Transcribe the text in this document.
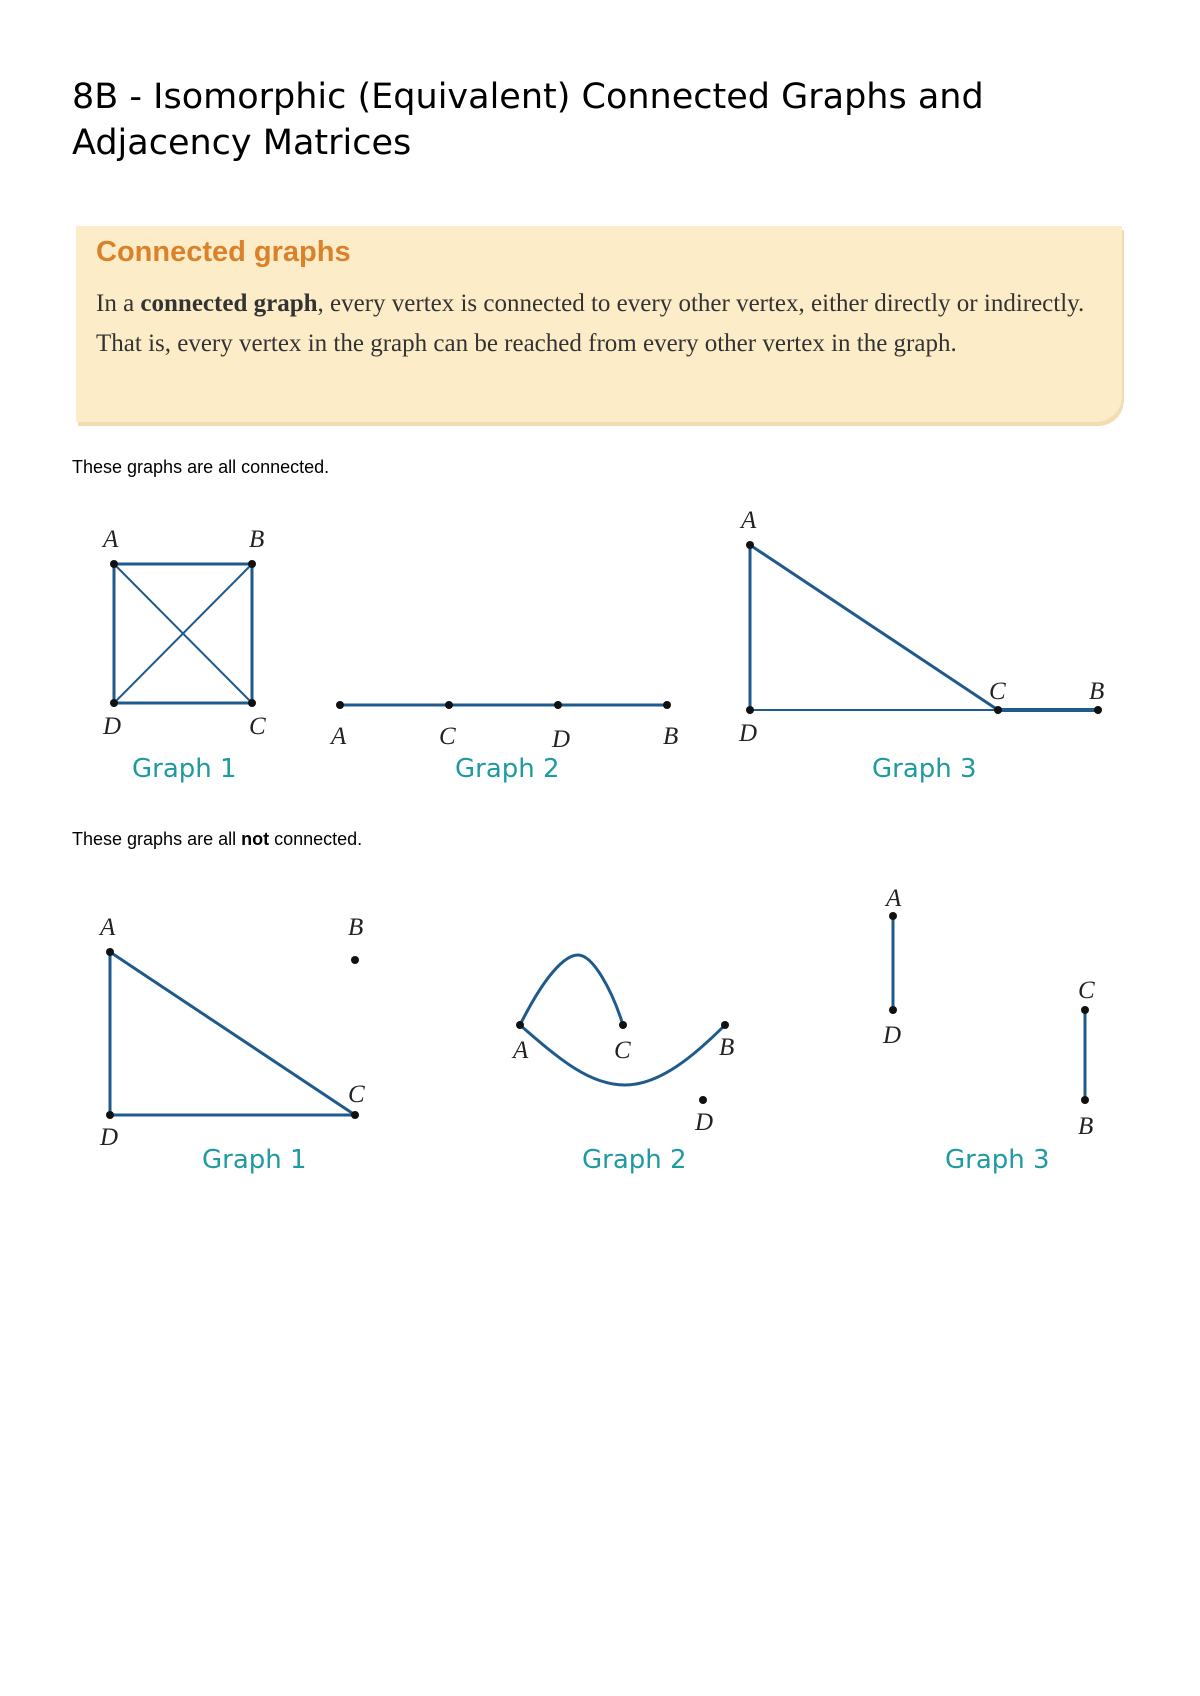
8B - Isomorphic (Equivalent) Connected Graphs and Adjacency Matrices
Connected graphs

In a connected graph, every vertex is connected to every other vertex, either directly or indirectly. That is, every vertex in the graph can be reached from every other vertex in the graph.

These graphs are all connected.

A	B
C
D
Graph 1
A	C	D	B
Graph 2
A
D
C	B
Graph 3

These graphs are all not connected.

A	B
C
D
Graph 1
A	C	B
D
Graph 2
A
D
C
B
Graph 3
